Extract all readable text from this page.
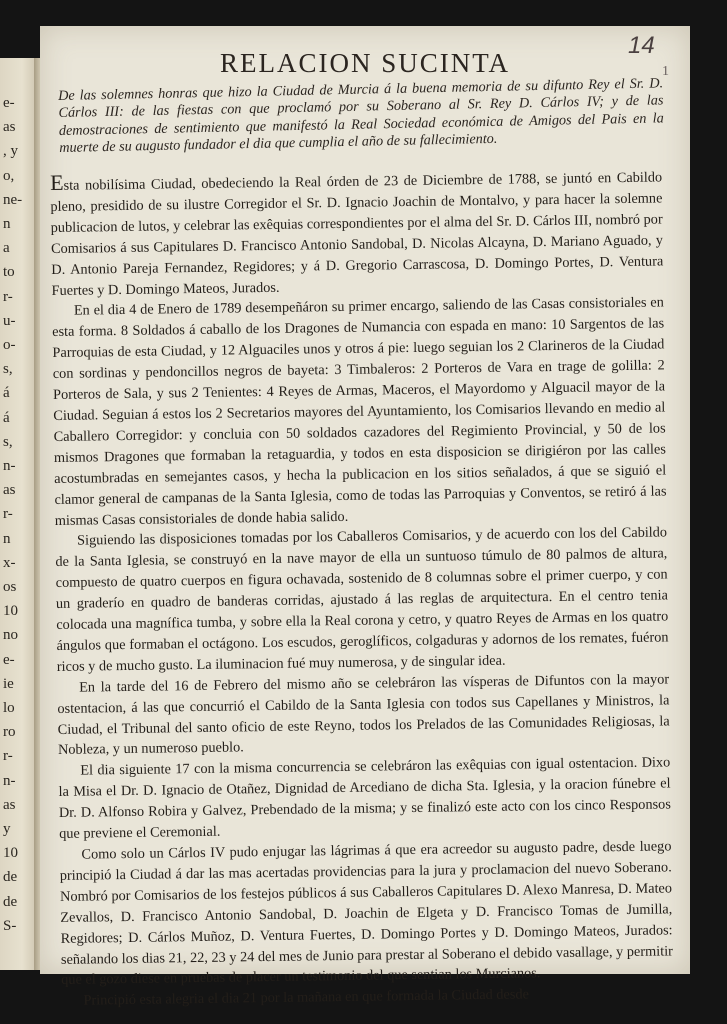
e-
as
, y
o,
ne-
n
a
to
r-
u-
o-
s,
á
á
s,
n-
as
r-
n
x-
os
10
no
e-
ie
lo
ro
r-
n-
as
y
10
de
de
S-
14
1
RELACION SUCINTA
De las solemnes honras que hizo la Ciudad de Murcia á la buena memoria de su difunto Rey el Sr. D. Cárlos III: de las fiestas con que proclamó por su Soberano al Sr. Rey D. Cárlos IV; y de las demostraciones de sentimiento que manifestó la Real Sociedad económica de Amigos del Pais en la muerte de su augusto fundador el dia que cumplia el año de su fallecimiento.

Esta nobilísima Ciudad, obedeciendo la Real órden de 23 de Diciembre de 1788, se juntó en Cabildo pleno, presidido de su ilustre Corregidor el Sr. D. Ignacio Joachin de Montalvo, y para hacer la solemne publicacion de lutos, y celebrar las exêquias correspondientes por el alma del Sr. D. Cárlos III, nombró por Comisarios á sus Capitulares D. Francisco Antonio Sandobal, D. Nicolas Alcayna, D. Mariano Aguado, y D. Antonio Pareja Fernandez, Regidores; y á D. Gregorio Carrascosa, D. Domingo Portes, D. Ventura Fuertes y D. Domingo Mateos, Jurados.

En el dia 4 de Enero de 1789 desempeñáron su primer encargo, saliendo de las Casas consistoriales en esta forma. 8 Soldados á caballo de los Dragones de Numancia con espada en mano: 10 Sargentos de las Parroquias de esta Ciudad, y 12 Alguaciles unos y otros á pie: luego seguian los 2 Clarineros de la Ciudad con sordinas y pendoncillos negros de bayeta: 3 Timbaleros: 2 Porteros de Vara en trage de golilla: 2 Porteros de Sala, y sus 2 Tenientes: 4 Reyes de Armas, Maceros, el Mayordomo y Alguacil mayor de la Ciudad. Seguian á estos los 2 Secretarios mayores del Ayuntamiento, los Comisarios llevando en medio al Caballero Corregidor: y concluia con 50 soldados cazadores del Regimiento Provincial, y 50 de los mismos Dragones que formaban la retaguardia, y todos en esta disposicion se dirigiéron por las calles acostumbradas en semejantes casos, y hecha la publicacion en los sitios señalados, á que se siguió el clamor general de campanas de la Santa Iglesia, como de todas las Parroquias y Conventos, se retiró á las mismas Casas consistoriales de donde habia salido.

Siguiendo las disposiciones tomadas por los Caballeros Comisarios, y de acuerdo con los del Cabildo de la Santa Iglesia, se construyó en la nave mayor de ella un suntuoso túmulo de 80 palmos de altura, compuesto de quatro cuerpos en figura ochavada, sostenido de 8 columnas sobre el primer cuerpo, y con un graderío en quadro de banderas corridas, ajustado á las reglas de arquitectura. En el centro tenia colocada una magnífica tumba, y sobre ella la Real corona y cetro, y quatro Reyes de Armas en los quatro ángulos que formaban el octágono. Los escudos, geroglíficos, colgaduras y adornos de los remates, fuéron ricos y de mucho gusto. La iluminacion fué muy numerosa, y de singular idea.

En la tarde del 16 de Febrero del mismo año se celebráron las vísperas de Difuntos con la mayor ostentacion, á las que concurrió el Cabildo de la Santa Iglesia con todos sus Capellanes y Ministros, la Ciudad, el Tribunal del santo oficio de este Reyno, todos los Prelados de las Comunidades Religiosas, la Nobleza, y un numeroso pueblo.

El dia siguiente 17 con la misma concurrencia se celebráron las exêquias con igual ostentacion. Dixo la Misa el Dr. D. Ignacio de Otañez, Dignidad de Arcediano de dicha Sta. Iglesia, y la oracion fúnebre el Dr. D. Alfonso Robira y Galvez, Prebendado de la misma; y se finalizó este acto con los cinco Responsos que previene el Ceremonial.

Como solo un Cárlos IV pudo enjugar las lágrimas á que era acreedor su augusto padre, desde luego principió la Ciudad á dar las mas acertadas providencias para la jura y proclamacion del nuevo Soberano. Nombró por Comisarios de los festejos públicos á sus Caballeros Capitulares D. Alexo Manresa, D. Mateo Zevallos, D. Francisco Antonio Sandobal, D. Joachin de Elgeta y D. Francisco Tomas de Jumilla, Regidores; D. Cárlos Muñoz, D. Ventura Fuertes, D. Domingo Portes y D. Domingo Mateos, Jurados: señalando los dias 21, 22, 23 y 24 del mes de Junio para prestar al Soberano el debido vasallage, y permitir que el gozo diese en pruebas de placer un testimonio del que sentian los Murcianos.

Principió esta alegria el dia 21 por la mañana en que formada la Ciudad desde
